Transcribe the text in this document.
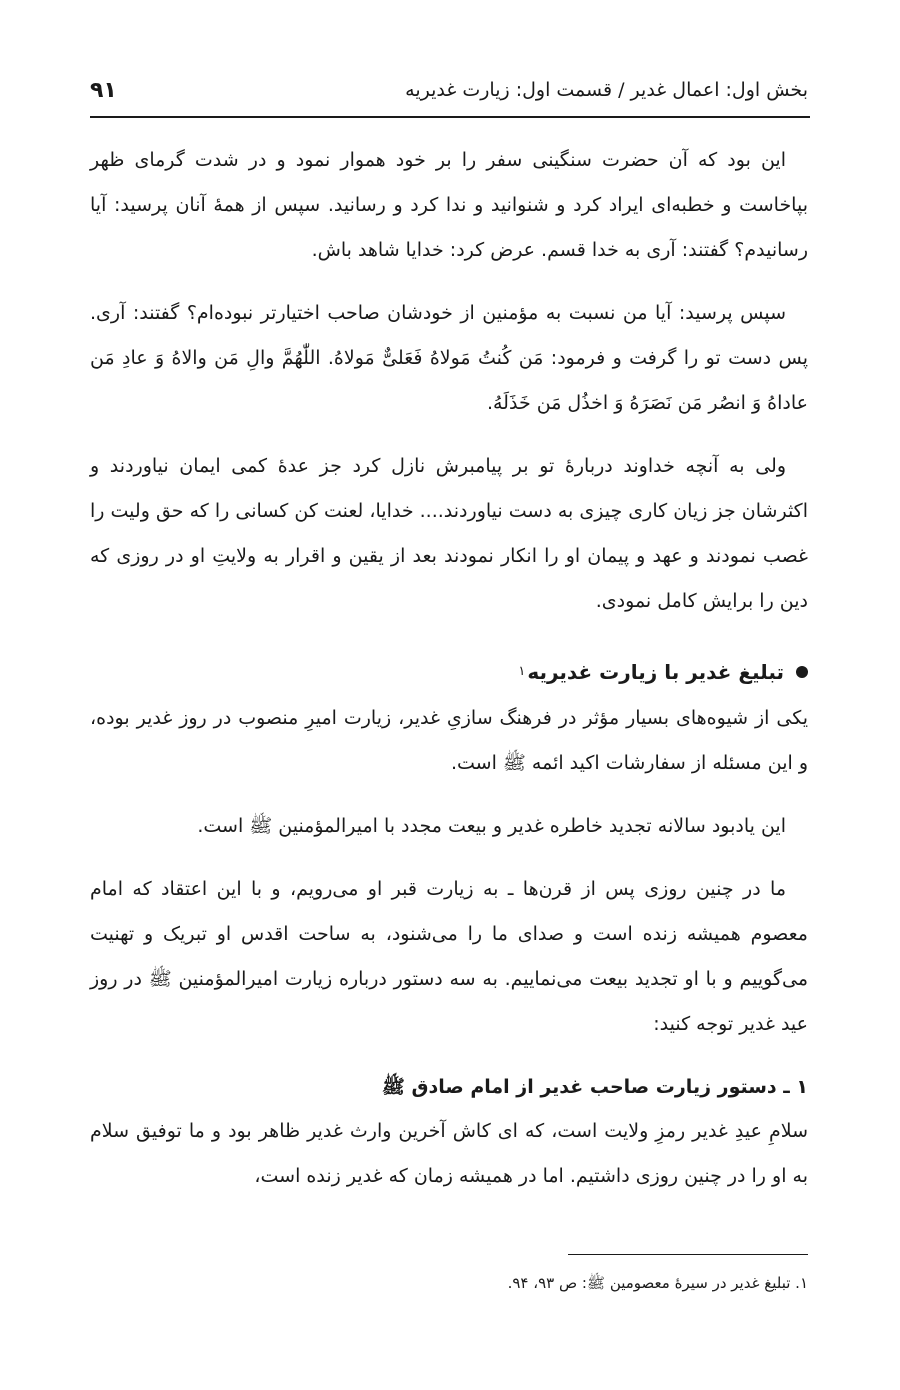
بخش اول: اعمال غدیر / قسمت اول: زیارت غدیریه
۹۱

این بود که آن حضرت سنگینی سفر را بر خود هموار نمود و در شدت گرمای ظهر بپاخاست و خطبه‌ای ایراد کرد و شنوانید و ندا کرد و رسانید. سپس از همهٔ آنان پرسید: آیا رسانیدم؟ گفتند: آری به خدا قسم. عرض کرد: خدایا شاهد باش.

سپس پرسید: آیا من نسبت به مؤمنین از خودشان صاحب اختیارتر نبوده‌ام؟ گفتند: آری. پس دست تو را گرفت و فرمود: مَن کُنتُ مَولاهُ فَعَلیٌّ مَولاهُ. اللّٰهُمَّ والِ مَن والاهُ وَ عادِ مَن عاداهُ وَ انصُر مَن نَصَرَهُ وَ اخذُل مَن خَذَلَهُ.

ولی به آنچه خداوند دربارهٔ تو بر پیامبرش نازل کرد جز عدهٔ کمی ایمان نیاوردند و اکثرشان جز زیان کاری چیزی به دست نیاوردند.... خدایا، لعنت کن کسانی را که حق ولیت را غصب نمودند و عهد و پیمان او را انکار نمودند بعد از یقین و اقرار به ولایتِ او در روزی که دین را برایش کامل نمودی.

تبلیغ غدیر با زیارت غدیریه
۱

یکی از شیوه‌های بسیار مؤثر در فرهنگ سازیِ غدیر، زیارت امیرِ منصوب در روز غدیر بوده، و این مسئله از سفارشات اکید ائمه ﷺ است.

این یادبود سالانه تجدید خاطره غدیر و بیعت مجدد با امیرالمؤمنین ﷺ است.

ما در چنین روزی پس از قرن‌ها ـ به زیارت قبر او می‌رویم، و با این اعتقاد که امام معصوم همیشه زنده است و صدای ما را می‌شنود، به ساحت اقدس او تبریک و تهنیت می‌گوییم و با او تجدید بیعت می‌نماییم. به سه دستور درباره زیارت امیرالمؤمنین ﷺ در روز عید غدیر توجه کنید:

۱ ـ دستور زیارت صاحب غدیر از امام صادق ﷺ

سلامِ عیدِ غدیر رمزِ ولایت است، که ای کاش آخرین وارث غدیر ظاهر بود و ما توفیق سلام به او را در چنین روزی داشتیم. اما در همیشه زمان که غدیر زنده است،

۱. تبلیغ غدیر در سیرهٔ معصومین ﷺ: ص ۹۳، ۹۴.
